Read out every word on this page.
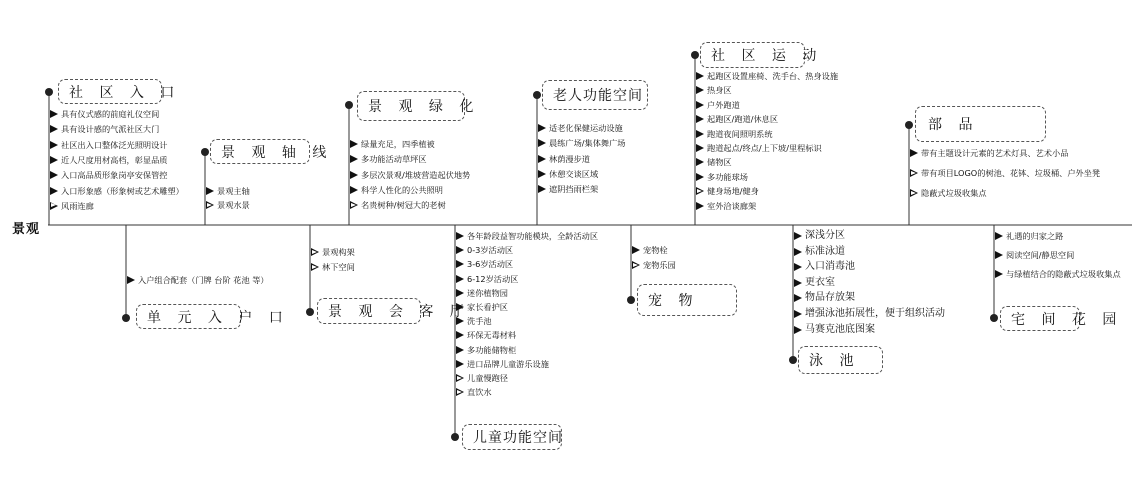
景观
社 区 入 口
景 观 轴 线
景 观 绿 化
老人功能空间
社 区 运 动
部 品
单 元 入 户 口	景 观 会 客 厅
儿童功能空间
宠 物
泳 池
宅 间 花 园
具有仪式感的前庭礼仪空间
具有设计感的气派社区大门
社区出入口整体泛光照明设计
近人尺度用材高档，彰显品质
入口高品质形象岗亭安保管控
入口形象感（形象树或艺术雕塑）
风雨连廊
景观主轴
景观水景
绿量充足，四季植被
多功能活动草坪区
多层次景观/堆坡营造起伏地势
科学人性化的公共照明
名贵树种/树冠大的老树
适老化保健运动设施
晨练广场/集体舞广场
林荫漫步道
休憩交谈区域
遮阴挡雨栏架
起跑区设置座椅、洗手台、热身设施
热身区
户外跑道
起跑区/跑道/休息区
跑道夜间照明系统
跑道起点/终点/上下坡/里程标识
储物区
多功能球场
健身场地/健身
室外洽谈廊架
带有主题设计元素的艺术灯具、艺术小品
带有项目LOGO的树池、花钵、垃圾桶、户外坐凳
隐蔽式垃圾收集点
入户组合配套（门牌 台阶 花池 等）
景观构架
林下空间
各年龄段益智功能模块，全龄活动区
0-3岁活动区
3-6岁活动区
6-12岁活动区
迷你植物园
家长看护区
洗手池
环保无毒材料
多功能储物柜
进口品牌儿童游乐设施
儿童慢跑径
直饮水
宠物栓
宠物乐园
深浅分区
标准泳道
入口消毒池
更衣室
物品存放架
增强泳池拓展性，便于组织活动
马赛克池底图案
礼遇的归家之路
阅读空间/静思空间
与绿植结合的隐蔽式垃圾收集点
